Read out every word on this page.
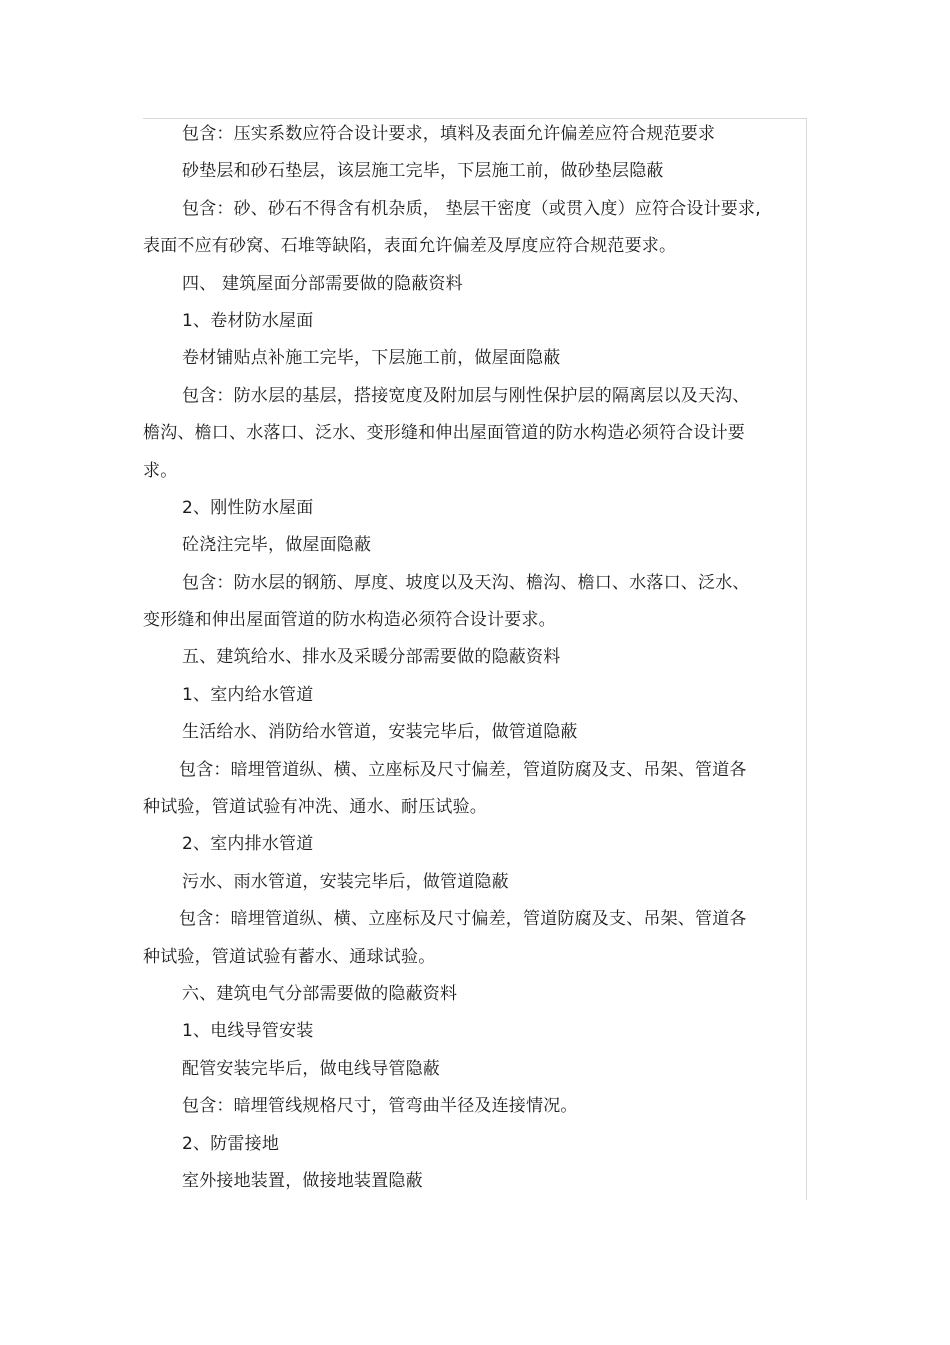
包含：压实系数应符合设计要求，填料及表面允许偏差应符合规范要求
砂垫层和砂石垫层，该层施工完毕，下层施工前，做砂垫层隐蔽
包含：砂、砂石不得含有机杂质， 垫层干密度（或贯入度）应符合设计要求,
表面不应有砂窝、石堆等缺陷，表面允许偏差及厚度应符合规范要求。
四、 建筑屋面分部需要做的隐蔽资料
1、卷材防水屋面
卷材铺贴点补施工完毕，下层施工前，做屋面隐蔽
包含：防水层的基层，搭接宽度及附加层与刚性保护层的隔离层以及天沟、
檐沟、檐口、水落口、泛水、变形缝和伸出屋面管道的防水构造必须符合设计要
求。
2、刚性防水屋面
砼浇注完毕，做屋面隐蔽
包含：防水层的钢筋、厚度、坡度以及天沟、檐沟、檐口、水落口、泛水、
变形缝和伸出屋面管道的防水构造必须符合设计要求。
五、建筑给水、排水及采暖分部需要做的隐蔽资料
1、室内给水管道
生活给水、消防给水管道，安装完毕后，做管道隐蔽
包含：暗埋管道纵、横、立座标及尺寸偏差，管道防腐及支、吊架、管道各
种试验，管道试验有冲洗、通水、耐压试验。
2、室内排水管道
污水、雨水管道，安装完毕后，做管道隐蔽
包含：暗埋管道纵、横、立座标及尺寸偏差，管道防腐及支、吊架、管道各
种试验，管道试验有蓄水、通球试验。
六、建筑电气分部需要做的隐蔽资料
1、电线导管安装
配管安装完毕后，做电线导管隐蔽
包含：暗埋管线规格尺寸，管弯曲半径及连接情况。
2、防雷接地
室外接地装置，做接地装置隐蔽
